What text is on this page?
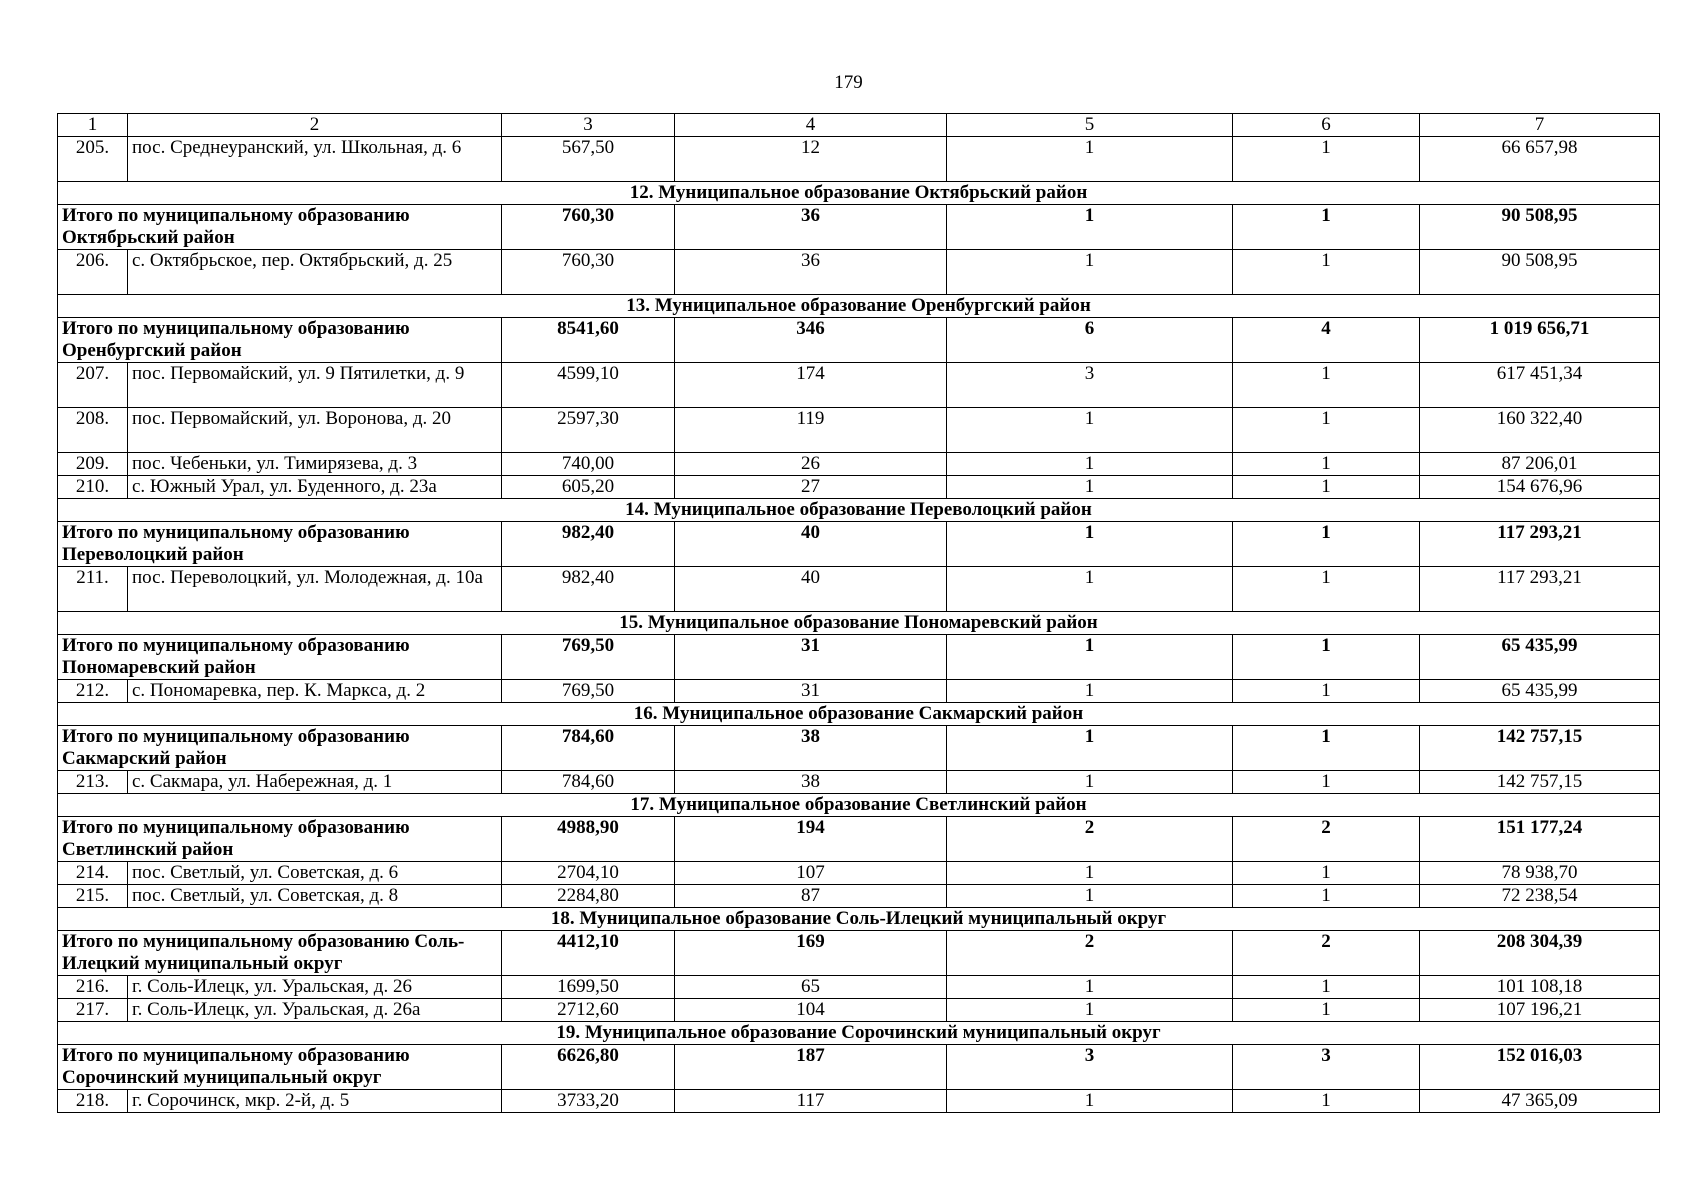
179
1	2	3	4	5	6	7
205.	пос. Среднеуранский, ул. Школьная, д. 6	567,50	12	1	1	66 657,98
12. Муниципальное образование Октябрьский район						
Итого по муниципальному образованию Октябрьский район		760,30	36	1	1	90 508,95
206.	с. Октябрьское, пер. Октябрьский, д. 25	760,30	36	1	1	90 508,95
13. Муниципальное образование Оренбургский район						
Итого по муниципальному образованию Оренбургский район		8541,60	346	6	4	1 019 656,71
207.	пос. Первомайский, ул. 9 Пятилетки, д. 9	4599,10	174	3	1	617 451,34
208.	пос. Первомайский, ул. Воронова, д. 20	2597,30	119	1	1	160 322,40
209.	пос. Чебеньки, ул. Тимирязева, д. 3	740,00	26	1	1	87 206,01
210.	с. Южный Урал, ул. Буденного, д. 23а	605,20	27	1	1	154 676,96
14. Муниципальное образование Переволоцкий район						
Итого по муниципальному образованию Переволоцкий район		982,40	40	1	1	117 293,21
211.	пос. Переволоцкий, ул. Молодежная, д. 10а	982,40	40	1	1	117 293,21
15. Муниципальное образование Пономаревский район						
Итого по муниципальному образованию Пономаревский район		769,50	31	1	1	65 435,99
212.	с. Пономаревка, пер. К. Маркса, д. 2	769,50	31	1	1	65 435,99
16. Муниципальное образование Сакмарский район						
Итого по муниципальному образованию Сакмарский район		784,60	38	1	1	142 757,15
213.	с. Сакмара, ул. Набережная, д. 1	784,60	38	1	1	142 757,15
17. Муниципальное образование Светлинский район						
Итого по муниципальному образованию Светлинский район		4988,90	194	2	2	151 177,24
214.	пос. Светлый, ул. Советская, д. 6	2704,10	107	1	1	78 938,70
215.	пос. Светлый, ул. Советская, д. 8	2284,80	87	1	1	72 238,54
18. Муниципальное образование Соль-Илецкий муниципальный округ						
Итого по муниципальному образованию Соль-Илецкий муниципальный округ		4412,10	169	2	2	208 304,39
216.	г. Соль-Илецк, ул. Уральская, д. 26	1699,50	65	1	1	101 108,18
217.	г. Соль-Илецк, ул. Уральская, д. 26а	2712,60	104	1	1	107 196,21
19. Муниципальное образование Сорочинский муниципальный округ						
Итого по муниципальному образованию Сорочинский муниципальный округ		6626,80	187	3	3	152 016,03
218.	г. Сорочинск, мкр. 2-й, д. 5	3733,20	117	1	1	47 365,09
